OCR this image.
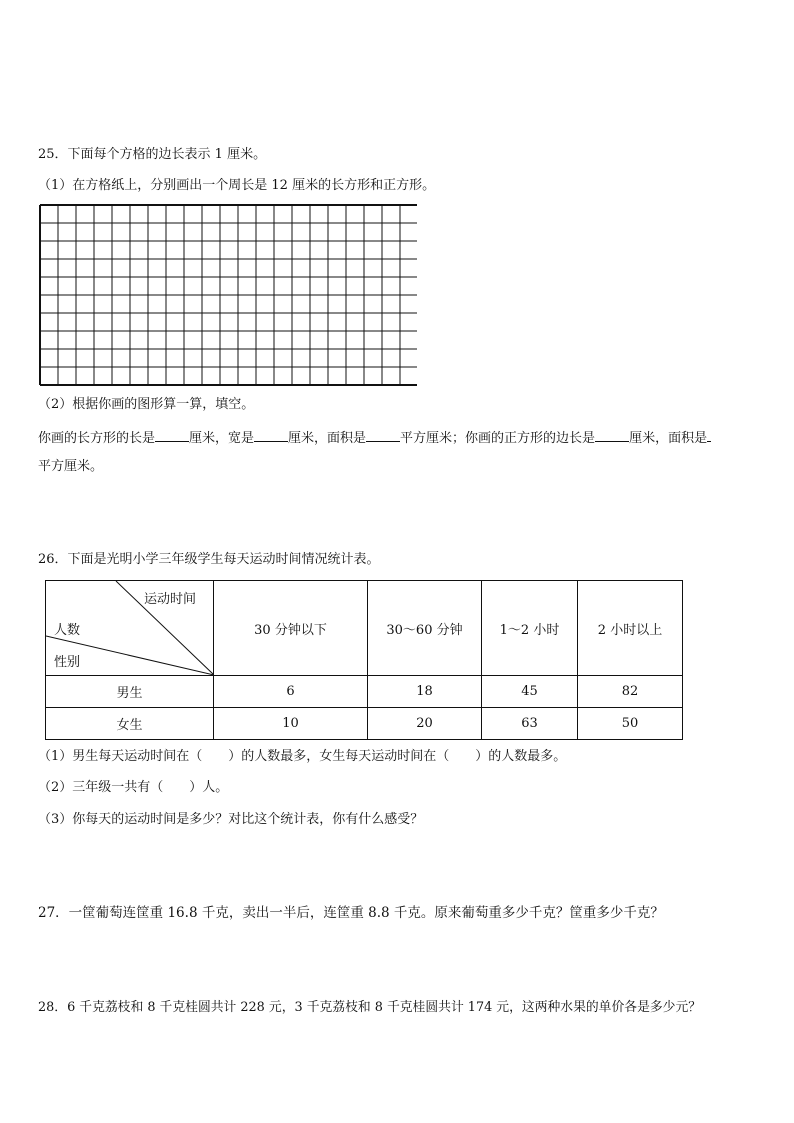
25．下面每个方格的边长表示 1 厘米。
（1）在方格纸上，分别画出一个周长是 12 厘米的长方形和正方形。
（2）根据你画的图形算一算，填空。
你画的长方形的长是	厘米，宽是	厘米，面积是	平方厘米；你画的正方形的边长是	厘米，面积是
平方厘米。
26．下面是光明小学三年级学生每天运动时间情况统计表。
运动时间
人数
性别	30 分钟以下	30～60 分钟	1～2 小时	2 小时以上
男生	6	18	45	82
女生	10	20	63	50
（1）男生每天运动时间在（　　）的人数最多，女生每天运动时间在（　　）的人数最多。
（2）三年级一共有（　　）人。
（3）你每天的运动时间是多少？对比这个统计表，你有什么感受？
27．一筐葡萄连筐重 16.8 千克，卖出一半后，连筐重 8.8 千克。原来葡萄重多少千克？筐重多少千克？
28．6 千克荔枝和 8 千克桂圆共计 228 元，3 千克荔枝和 8 千克桂圆共计 174 元，这两种水果的单价各是多少元？
